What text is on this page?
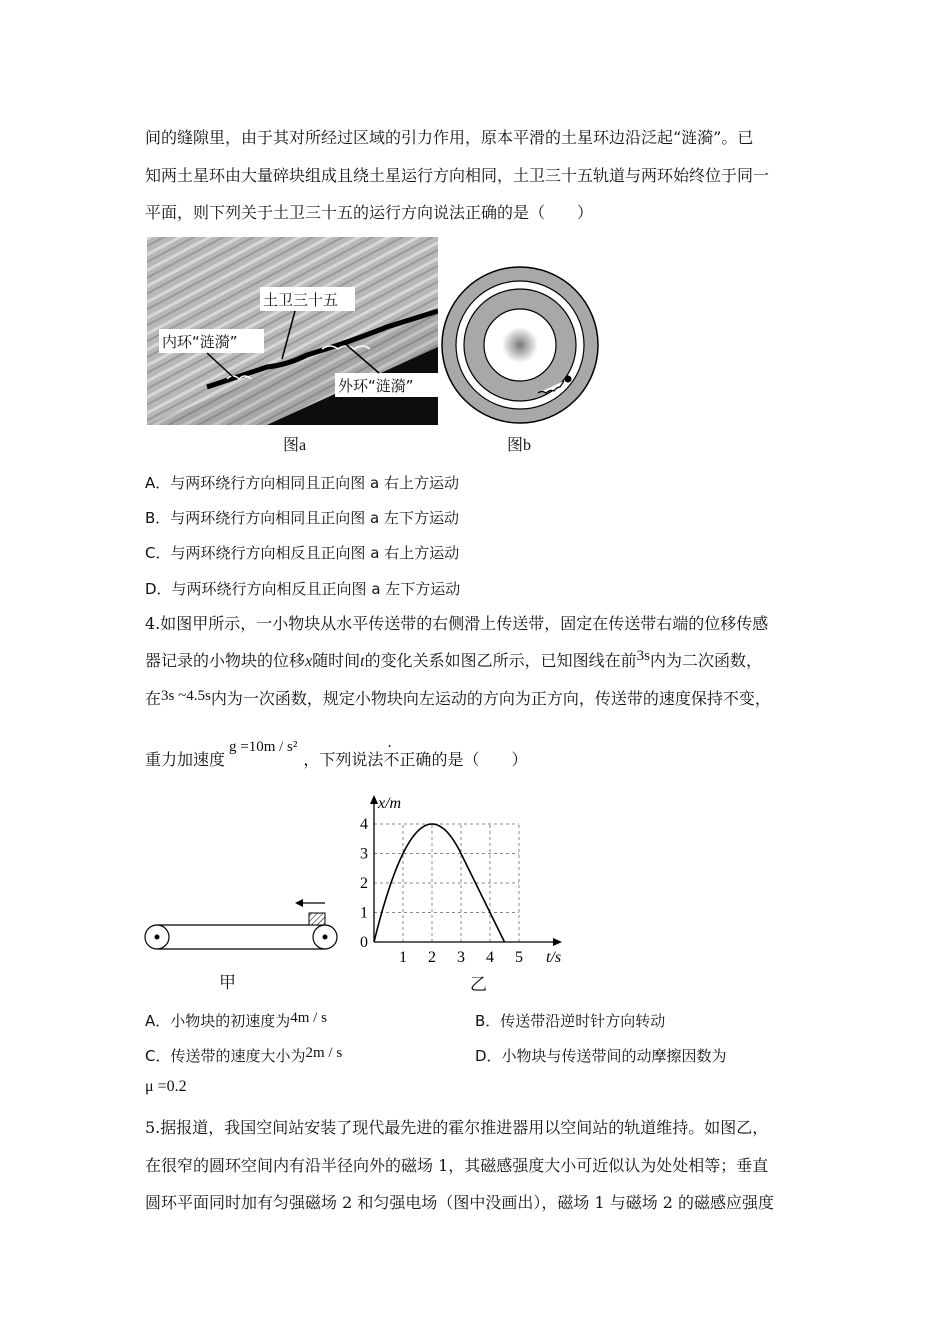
间的缝隙里，由于其对所经过区域的引力作用，原本平滑的土星环边沿泛起“涟漪”。已
知两土星环由大量碎块组成且绕土星运行方向相同，土卫三十五轨道与两环始终位于同一
平面，则下列关于土卫三十五的运行方向说法正确的是（　　）
土卫三十五
内环“涟漪”
外环“涟漪”
图a	图b
A．与两环绕行方向相同且正向图 a 右上方运动
B．与两环绕行方向相同且正向图 a 左下方运动
C．与两环绕行方向相反且正向图 a 右上方运动
D．与两环绕行方向相反且正向图 a 左下方运动
4.如图甲所示，一小物块从水平传送带的右侧滑上传送带，固定在传送带右端的位移传感
器记录的小物块的位移x随时间t的变化关系如图乙所示，已知图线在前3s内为二次函数，
在3s ~4.5s内为一次函数，规定小物块向左运动的方向为正方向，传送带的速度保持不变，
重力加速度g =10m / s²，下列说法不正确的是（　　）
甲
1
2
3
4
1 2 3 4 5
0
x/m
t/s
乙
A．小物块的初速度为4m / s	B．传送带沿逆时针方向转动
C．传送带的速度大小为2m / s	D．小物块与传送带间的动摩擦因数为
μ =0.2
5.据报道，我国空间站安装了现代最先进的霍尔推进器用以空间站的轨道维持。如图乙，
在很窄的圆环空间内有沿半径向外的磁场 1，其磁感强度大小可近似认为处处相等；垂直
圆环平面同时加有匀强磁场 2 和匀强电场（图中没画出），磁场 1 与磁场 2 的磁感应强度
